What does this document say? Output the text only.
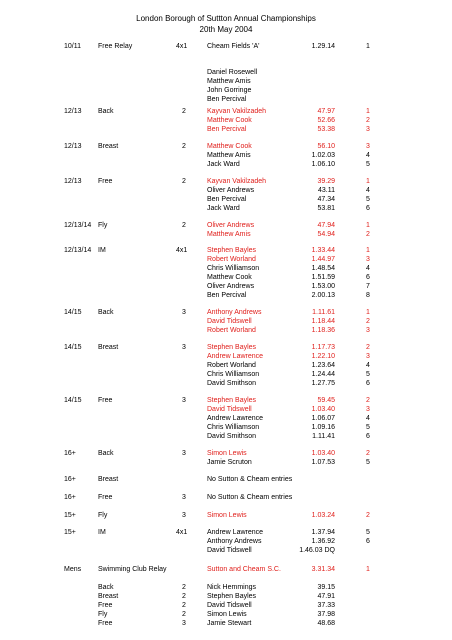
London Borough of Suttton Annual Championships
20th May 2004
10/11 Free Relay	4x1	Cheam Fields 'A'	1.29.14	1
Daniel Rosewell
Matthew Amis
John Gorringe
Ben Percival
12/13 Back	2	Kayvan Vakilzadeh	47.97	1
Matthew Cook	52.66	2
Ben Percival	53.38	3
12/13 Breast	2	Matthew Cook	56.10	3
Matthew Amis	1.02.03	4
Jack Ward	1.06.10	5
12/13 Free	2	Kayvan Vakilzadeh	39.29	1
Oliver Andrews	43.11	4
Ben Percival	47.34	5
Jack Ward	53.81	6
12/13/14 Fly	2	Oliver Andrews	47.94	1
Matthew Amis	54.94	2
12/13/14 IM	4x1	Stephen Bayles	1.33.44	1
Robert Worland	1.44.97	3
Chris Williamson	1.48.54	4
Matthew Cook	1.51.59	6
Oliver Andrews	1.53.00	7
Ben Percival	2.00.13	8
14/15 Back	3	Anthony Andrews	1.11.61	1
David Tidswell	1.18.44	2
Robert Worland	1.18.36	3
14/15 Breast	3	Stephen Bayles	1.17.73	2
Andrew Lawrence	1.22.10	3
Robert Worland	1.23.64	4
Chris Williamson	1.24.44	5
David Smithson	1.27.75	6
14/15 Free	3	Stephen Bayles	59.45	2
David Tidswell	1.03.40	3
Andrew Lawrence	1.06.07	4
Chris Williamson	1.09.16	5
David Smithson	1.11.41	6
16+	Back	3	Simon Lewis	1.03.40	2
Jamie Scruton	1.07.53	5
16+	Breast	No Sutton & Cheam entries
16+	Free	3	No Sutton & Cheam entries
15+	Fly	3	Simon Lewis	1.03.24	2
15+	IM	4x1	Andrew Lawrence	1.37.94	5
Anthony Andrews	1.36.92	6
David Tidswell	1.46.03 DQ
Mens Swimming Club Relay	Sutton and Cheam S.C.	3.31.34	1
Back	2	Nick Hemmings	39.15
Breast	2	Stephen Bayles	47.91
Free	2	David Tidswell	37.33
Fly	2	Simon Lewis	37.98
Free	3	Jamie Stewart	48.68
